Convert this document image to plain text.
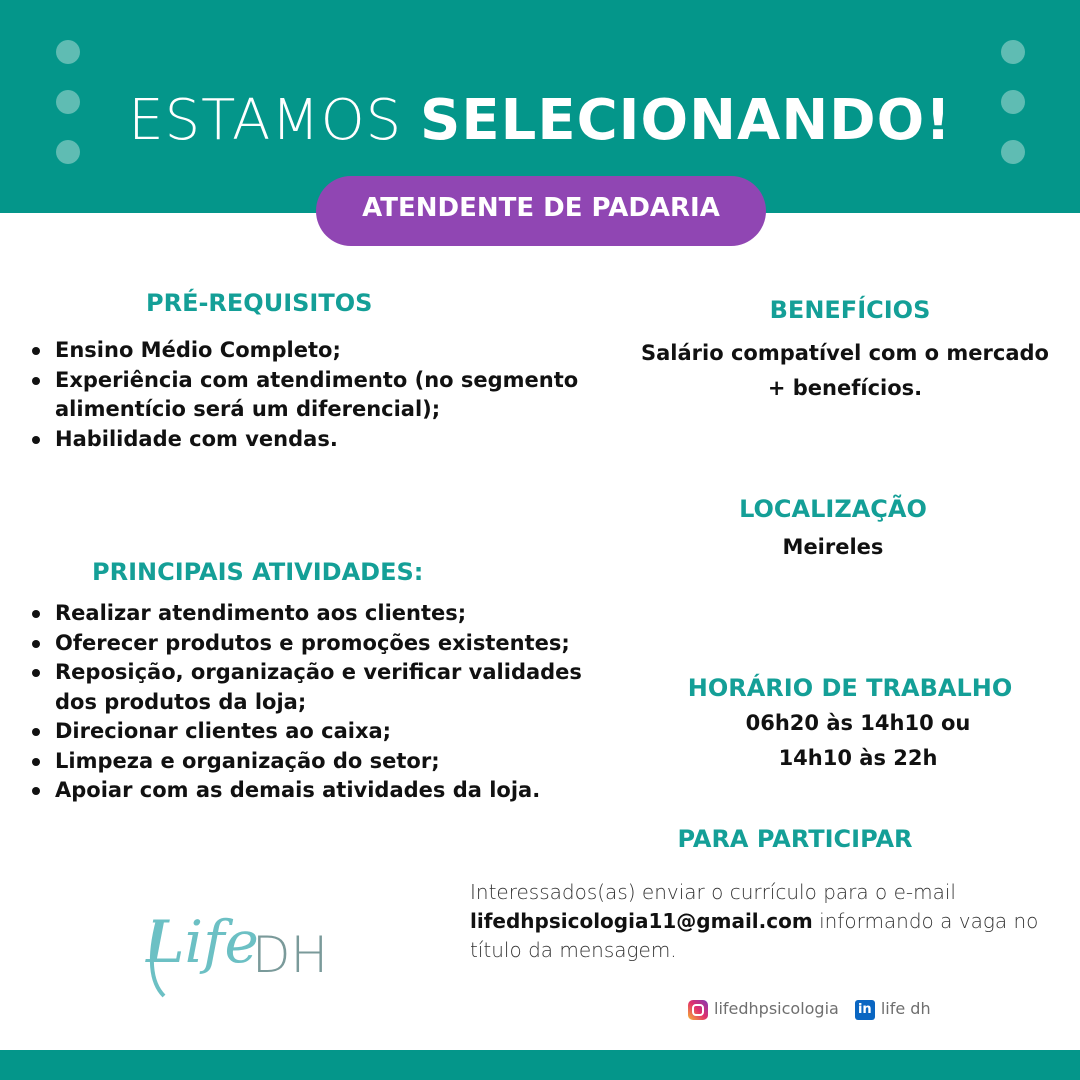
ESTAMOS SELECIONANDO!
ATENDENTE DE PADARIA
PRÉ-REQUISITOS
Ensino Médio Completo;
Experiência com atendimento (no segmento alimentício será um diferencial);
Habilidade com vendas.
PRINCIPAIS ATIVIDADES:
Realizar atendimento aos clientes;
Oferecer produtos e promoções existentes;
Reposição, organização e verificar validades dos produtos da loja;
Direcionar clientes ao caixa;
Limpeza e organização do setor;
Apoiar com as demais atividades da loja.
BENEFÍCIOS
Salário compatível com o mercado
+ benefícios.
LOCALIZAÇÃO
Meireles
HORÁRIO DE TRABALHO
06h20 às 14h10 ou
14h10 às 22h
PARA PARTICIPAR
Interessados(as) enviar o currículo para o e-mail
lifedhpsicologia11@gmail.com informando a vaga no título da mensagem.
Life
DH
lifedhpsicologia in life dh
